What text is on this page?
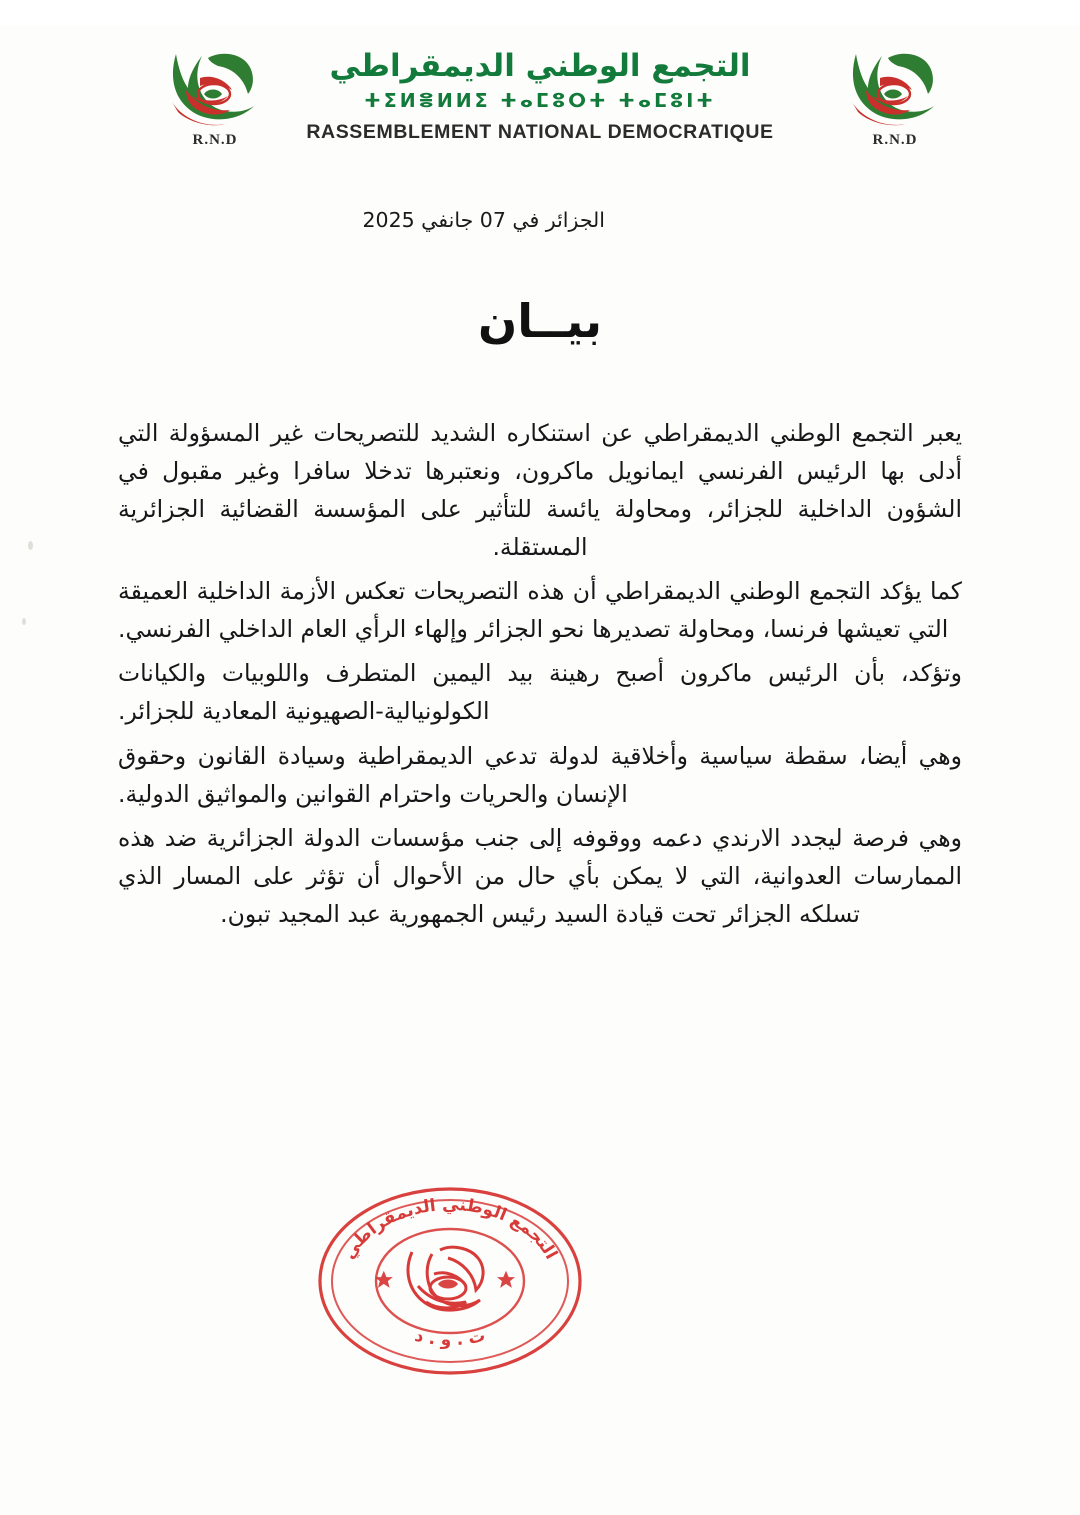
R.N.D
التجمع الوطني الديمقراطي
ⵜⵉⵍⴻⵍⵍⵉ ⵜⴰⵎⵓⵔⵜ ⵜⴰⵎⵓⵏⵜ
RASSEMBLEMENT NATIONAL DEMOCRATIQUE	R.N.D
الجزائر في 07 جانفي 2025
بيــان

يعبر التجمع الوطني الديمقراطي عن استنكاره الشديد للتصريحات غير المسؤولة التي أدلى بها الرئيس الفرنسي ايمانويل ماكرون، ونعتبرها تدخلا سافرا وغير مقبول في الشؤون الداخلية للجزائر، ومحاولة يائسة للتأثير على المؤسسة القضائية الجزائرية المستقلة.

كما يؤكد التجمع الوطني الديمقراطي أن هذه التصريحات تعكس الأزمة الداخلية العميقة التي تعيشها فرنسا، ومحاولة تصديرها نحو الجزائر وإلهاء الرأي العام الداخلي الفرنسي.

وتؤكد، بأن الرئيس ماكرون أصبح رهينة بيد اليمين المتطرف واللوبيات والكيانات الكولونيالية-الصهيونية المعادية للجزائر.

وهي أيضا، سقطة سياسية وأخلاقية لدولة تدعي الديمقراطية وسيادة القانون وحقوق الإنسان والحريات واحترام القوانين والمواثيق الدولية.

وهي فرصة ليجدد الارندي دعمه ووقوفه إلى جنب مؤسسات الدولة الجزائرية ضد هذه الممارسات العدوانية، التي لا يمكن بأي حال من الأحوال أن تؤثر على المسار الذي تسلكه الجزائر تحت قيادة السيد رئيس الجمهورية عبد المجيد تبون.

التجمع الوطني الديمقراطي
ت . و . د
